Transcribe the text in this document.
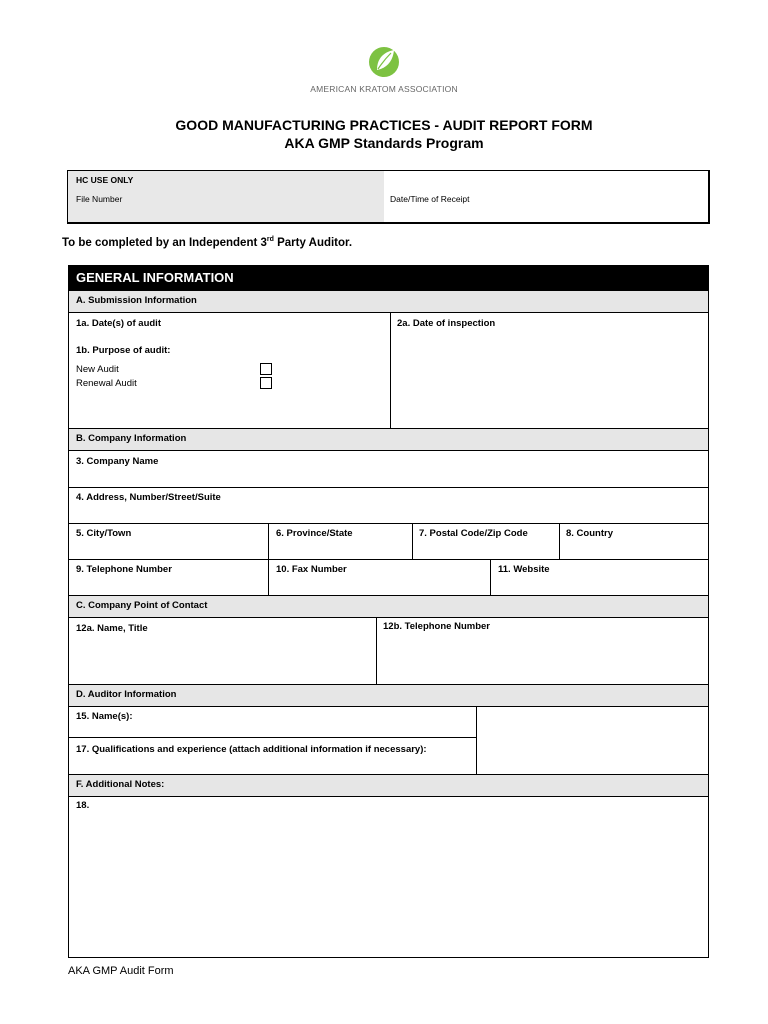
AMERICAN KRATOM ASSOCIATION
GOOD MANUFACTURING PRACTICES - AUDIT REPORT FORM
AKA GMP Standards Program
HC USE ONLY
File Number	Date/Time of Receipt
To be completed by an Independent 3rd Party Auditor.
GENERAL INFORMATION
A. Submission Information
1a. Date(s) of audit	2a. Date of inspection
1b. Purpose of audit:
New Audit
Renewal Audit
B. Company Information
3. Company Name
4. Address, Number/Street/Suite
5. City/Town	6. Province/State	7. Postal Code/Zip Code	8. Country
9. Telephone Number	10. Fax Number	11. Website
C. Company Point of Contact
12a. Name, Title	12b. Telephone Number
D. Auditor Information
15. Name(s):
17. Qualifications and experience (attach additional information if necessary):
F. Additional Notes:
18.
AKA GMP Audit Form
